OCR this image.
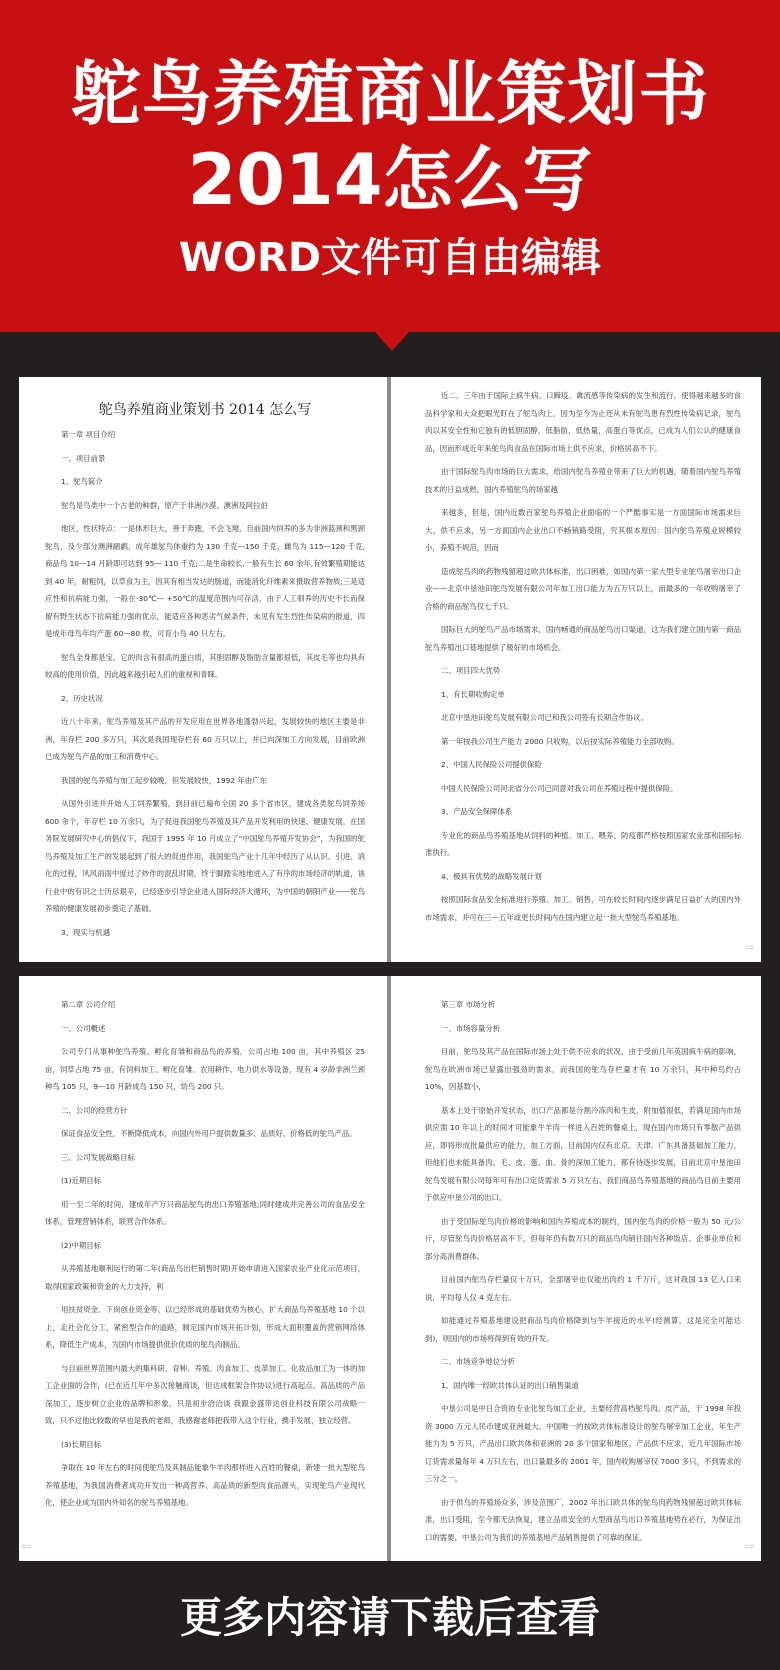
鸵鸟养殖商业策划书
2014怎么写
WORD文件可自由编辑
鸵鸟养殖商业策划书 2014 怎么写
第一章 项目介绍
一、项目前景
1、鸵鸟简介
鸵鸟是鸟类中一个古老的种群，原产于非洲沙漠、澳洲及阿拉伯
地区，性状特点：一是体形巨大，善于奔跑，不会飞翔，目前国内饲养的多为非洲蓝颈和黑颈鸵鸟，及少部分澳洲鸸鹋，成年雄鸵鸟体重约为 130 千克—150 千克，雌鸟为 115—120 千克,商品鸟 10—14 月龄即可达到 95— 110 千克;二是生命较长,一般有生长 60 余年,有效繁殖期能达到 40 年，耐粗饲，以草食为主，因其有相当发达的肠道，而能消化纤维素来摄取营养物质;三是适应性和抗病能力强，一般在-30℃— +50℃的温度范围内可存活，由于人工驯养的历史不长而保留有野生状态下抗病能力强的优点，能适应各种恶劣气候条件，未见有发生烈性传染病的报道，四是成年母鸟年均产蛋 60—80 枚，可育小鸟 40 只左右。
鸵鸟全身都是宝，它的肉含有很高的蛋白质，其胆固醇及脂肪含量都很低，其皮毛等也均具有较高的使用价值，因此越来越引起人们的重视和青睐。
2、历史状况
近八十年来，鸵鸟养殖及其产品的开发应用在世界各地蓬勃兴起，发展较快的地区主要是非洲，年存栏 200 多万只，其次是我国现存栏有 60 万只以上，并已向深加工方向发展，目前欧洲已成为鸵鸟产品的加工和消费中心。
我国的鸵鸟养殖与加工起步较晚，但发展较快，1992 年由广东
从国外引进并开始人工饲养繁殖，到目前已遍布全国 20 多个省市区，建成各类鸵鸟饲养场 600 余个，年存栏 10 万余只，为了促进我国鸵鸟养殖及其产品开发利用的快速、健康发展，在国务院发展研究中心的倡仪下，我国于 1995 年 10 月成立了“中国鸵鸟养殖开发协会”，为我国的鸵鸟养殖及加工生产的发展起到了很大的促进作用，我国鸵鸟产业十几年中经历了从认识、引进、消化的过程，风风雨雨中度过了炒作的混乱时期，终于脚踏实地地进入了有序的市场经济的轨道，该行业中的有识之士历尽艰辛，已经逐步引导企业进入国际经济大循环，为中国的朝阳产业——鸵鸟养殖的健康发展初步奠定了基础。
3、现实与机遇
近二、三年由于国际上疯牛病、口蹄疫、禽流感等传染病的发生和流行，使得越来越多的食品科学家和大众把眼光盯在了鸵鸟肉上，因为至今为止还从未有鸵鸟患有烈性传染病记录，鸵鸟肉以其安全性和它独有的低胆固醇，低脂肪，低热量，高蛋白等优点，已成为人们公认的健康食品，因而形成近年来鸵鸟肉食品在国际市场上供不应求，价格居高不下。
由于国际鸵鸟肉市场的巨大需求，给国内鸵鸟养殖业带来了巨大的机遇，随着国内鸵鸟养殖技术的日益成熟，国内养殖鸵鸟的场家越
来越多，但是，国内近数百家鸵鸟养殖企业面临的一个严酷事实是一方面国际市场需求巨大，供不应求，另一方面国内企业出口不畅销路受阻，究其根本原因：国内鸵鸟养殖业规模较小，养殖不规范，因而
造成鸵鸟肉的药物残留超过欧共体标准，出口困难，如国内第一家大型专业鸵鸟屠宰出口企业——北京中垦池田鸵鸟发展有限公司年加工出口能力为五万只以上，而最多的一年收购屠宰了合格的商品鸵鸟仅七千只。
国际巨大的鸵鸟产品市场需求，国内畅通的商品鸵鸟出口渠道，这为我们建立国内第一商品鸵鸟养殖出口基地提供了极好的市场机会。
二、项目四大优势
1、有长期收购定单
北京中垦池田鸵鸟发展有限公司已和我公司签有长期合作协议。
第一年按我公司生产能力 2000 只收购，以后按实际养殖能力全部收购。
2、中国人民保险公司提供保险
中国人民保险公司河北省分公司已同意对我公司在养殖过程中提供保险。
3、产品安全保障体系
专业化的商品鸟养殖基地从饲料的种植、加工、喂养、防疫都严格按照国家农业部和国际标准执行。
4、极具有优势的战略发展计划
按照国际食品安全标准进行养殖、加工、销售，可在较长时间内逐步满足日益扩大的国内外市场需求，并可在三—五年或更长时间内在国内建立起一批大型鸵鸟养殖基地。
⇨
第二章 公司介绍
一、公司概述
公司专门从事种鸵鸟养殖、孵化育雏和商品鸟的养殖，公司占地 100 亩，其中养殖区 25 亩，饲草占地 75 亩，有饲料加工、孵化育雏、农用耕作、电力供水等设备，现有 4 岁龄非洲兰颈种鸟 105 只，9—10 月龄成鸟 150 只，幼鸟 200 只。
二、公司的经营方针
保证食品安全性，不断降低成本，向国内外用户提供数量多、品质好、价格低的鸵鸟产品。
三、公司发展战略目标
(1)近期目标
用一至二年的时间，建成年产万只商品鸵鸟的出口养殖基地;同时建成并完善公司的食品安全体系，管理营销体系，联营合作体系。
(2)中期目标
从养殖基地顺利运行的第二年(商品鸟出栏销售时期)开始申请进入国家农业产业化示范项目，取得国家政策和资金的大力支持，利
用扶贫资金、下岗创业资金等，以已经形成的基础优势为核心，扩大商品鸟养殖基地 10 个以上，走社会化分工，紧密型合作的道路，制定国内市场开拓计划，形成大面积覆盖的营销网络体系，降低生产成本，为国内市场提供低价优质的鸵鸟肉制品。
与目前世界范围内最大的集科研、育种、养殖、肉食加工、皮革加工、化妆品加工为一体的加工企业面的合作，(已在近几年中多次接触商谈，但达成框架合作协议)进行高起点、高品质的产品深加工，逐步树立企业的品牌和形象，只是初步洽洽谈 我跟金盛带达创业科技有限公司战略一致，只不过他比较数的早也是我的老师，我感谢老师把我带入这个行业，携手发展，独立经营。
(3)长期目标
争取在 10 年左右的时间使鸵鸟及其制品能象牛羊肉那样进入百姓的餐桌，新建一批大型鸵鸟养殖基地，为我国消费者成功开发出一种高营养、高品质的新型肉食品源头，实现鸵鸟产业现代化，使企业成为国内外知名的鸵鸟养殖基地。
⇦
第三章 市场分析
一、市场容量分析
目前，鸵鸟及其产品在国际市场上处于供不应求的状况，由于受前几年英国疯牛病的影响，鸵鸟在欧洲市场已显露出强劲的需求，而我国的鸵鸟存栏量才有 10 万余只，其中种鸟约占 10%，因基数小，
基本上处于原始开发状态，出口产品都是分割冷冻肉和生皮，附加值很低，若满足国内市场供应需 10 年以上的时间才可能象牛羊肉一样进入百姓的餐桌上，现在国内市场只有零散产品供应，即将形成批量供应的能力，加工方面，目前国内仅有北京、天津、广东具备基础加工能力，但他们也未能具备肉、毛、皮、蛋、血、骨的深加工能力，都有待逐步发展，目前北京中垦池田鸵鸟发展有限公司每年可有出口定货需求 5 万只左右，我们商品鸟养殖基地的商品鸟目前主要用于供应中垦公司的出口。
由于受国际鸵鸟肉价格的影响和国内养殖成本的制约，国内鸵鸟肉的价格一般为 50 元/公斤，尽管鸵鸟肉价格居高不下，但每年仍有数万只的商品鸟肉销往国内各种饭店、企事业单位和部分高消费群体。
目前国内鸵鸟存栏量仅十万只，全部屠宰也仅能出肉约 1 千万斤，这对我国 13 亿人口来说，平均每人仅 4 克左右。
如能通过养殖基地建设把商品鸟肉价格降到与牛羊接近的水平(经测算，这是完全可能达到)，则国内的市场将得到有效的开发。
二、市场竞争地位分析
1、国内唯一经欧共体认证的出口销售渠道
中垦公司是中日合资的专业化鸵鸟加工企业，主要经营高档鸵鸟肉、皮产品，于 1998 年投资 3000 万元人民币建成亚洲最大、中国唯一的按欧共体标准设计的鸵鸟屠宰加工企业，年生产能力为 5 万只，产品出口欧共体和亚洲的 20 多个国家和地区，产品供不应求，近几年国际市场订货需求量每年 4 万只左右，出口量最多的 2001 年，国内收购屠宰仅 7000 多只，不到需求的三分之一。
由于供鸟的养殖场众多，涉及范围广，2002 年出口欧共体的鸵鸟肉药物残留超过欧共体标准，出口受阻，至今都无法恢复，建立品质安全的大型商品鸟出口养殖基地势在必行，为保证出口的需要，中垦公司为我们的养殖基地产品销售提供了可靠的保证。
⇨
更多内容请下载后查看
